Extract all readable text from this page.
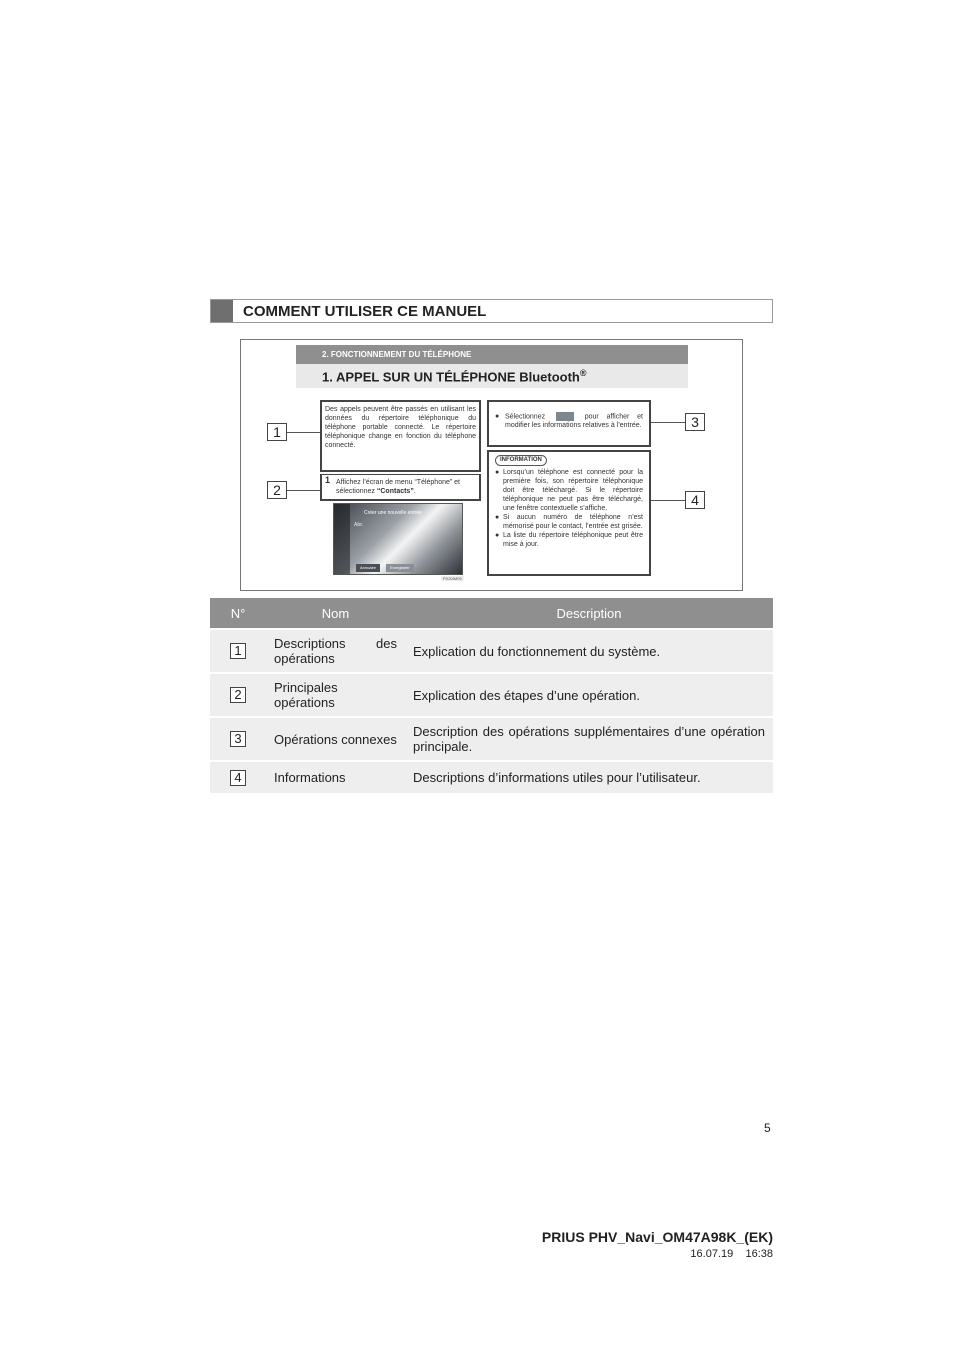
COMMENT UTILISER CE MANUEL
2. FONCTIONNEMENT DU TÉLÉPHONE
1. APPEL SUR UN TÉLÉPHONE Bluetooth®
1
2
3
4
Des appels peuvent être passés en utilisant les données du répertoire téléphonique du téléphone portable connecté. Le répertoire téléphonique change en fonction du téléphone connecté.
1 Affichez l’écran de menu “Téléphone” et sélectionnez “Contacts”.
Créer une nouvelle entrée
Abc
Annuaire	Enregistrer
PX20IM05
● Sélectionnez	pour afficher et modifier les informations relatives à l’entrée.
INFORMATION
● Lorsqu’un téléphone est connecté pour la première fois, son répertoire téléphonique doit être téléchargé. Si le répertoire téléphonique ne peut pas être téléchargé, une fenêtre contextuelle s’affiche.
● Si aucun numéro de téléphone n’est mémorisé pour le contact, l’entrée est grisée.
● La liste du répertoire téléphonique peut être mise à jour.
N°	Nom	Description
1	Descriptions des opérations	Explication du fonctionnement du système.
2	Principales opérations	Explication des étapes d’une opération.
3	Opérations connexes	Description des opérations supplémentaires d’une opération principale.
4	Informations	Descriptions d’informations utiles pour l’utilisateur.
5
PRIUS PHV_Navi_OM47A98K_(EK)
16.07.19 16:38
